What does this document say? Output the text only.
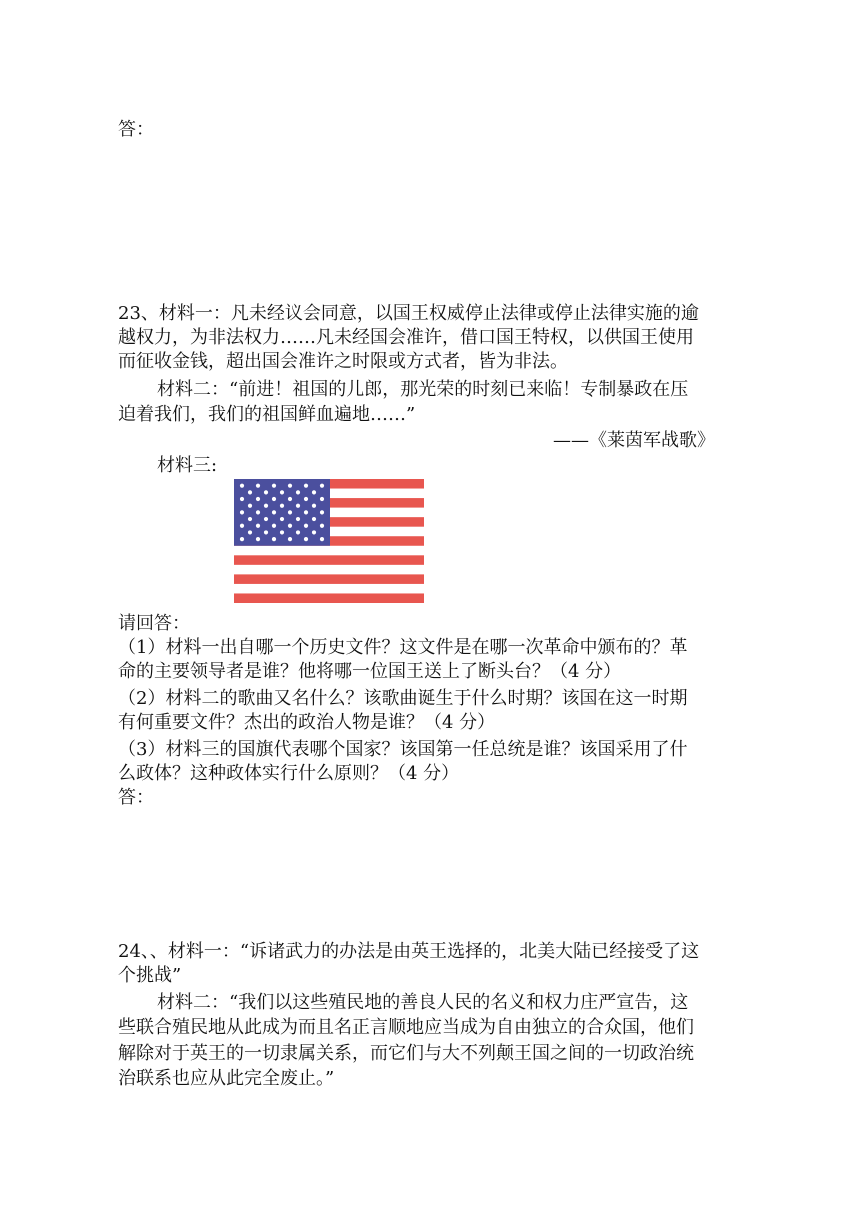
答：
23、材料一：凡未经议会同意，以国王权威停止法律或停止法律实施的逾
越权力，为非法权力……凡未经国会准许，借口国王特权，以供国王使用
而征收金钱，超出国会准许之时限或方式者，皆为非法。
材料二：“前进！祖国的儿郎，那光荣的时刻已来临！专制暴政在压
迫着我们，我们的祖国鲜血遍地……”
——《莱茵军战歌》
材料三:
请回答：
（1）材料一出自哪一个历史文件？这文件是在哪一次革命中颁布的？革
命的主要领导者是谁？他将哪一位国王送上了断头台？（4 分）
（2）材料二的歌曲又名什么？该歌曲诞生于什么时期？该国在这一时期
有何重要文件？杰出的政治人物是谁？（4 分）
（3）材料三的国旗代表哪个国家？该国第一任总统是谁？该国采用了什
么政体？这种政体实行什么原则？（4 分）
答：
24、、材料一：“诉诸武力的办法是由英王选择的，北美大陆已经接受了这
个挑战”
材料二：“我们以这些殖民地的善良人民的名义和权力庄严宣告，这
些联合殖民地从此成为而且名正言顺地应当成为自由独立的合众国，他们
解除对于英王的一切隶属关系，而它们与大不列颠王国之间的一切政治统
治联系也应从此完全废止。”
